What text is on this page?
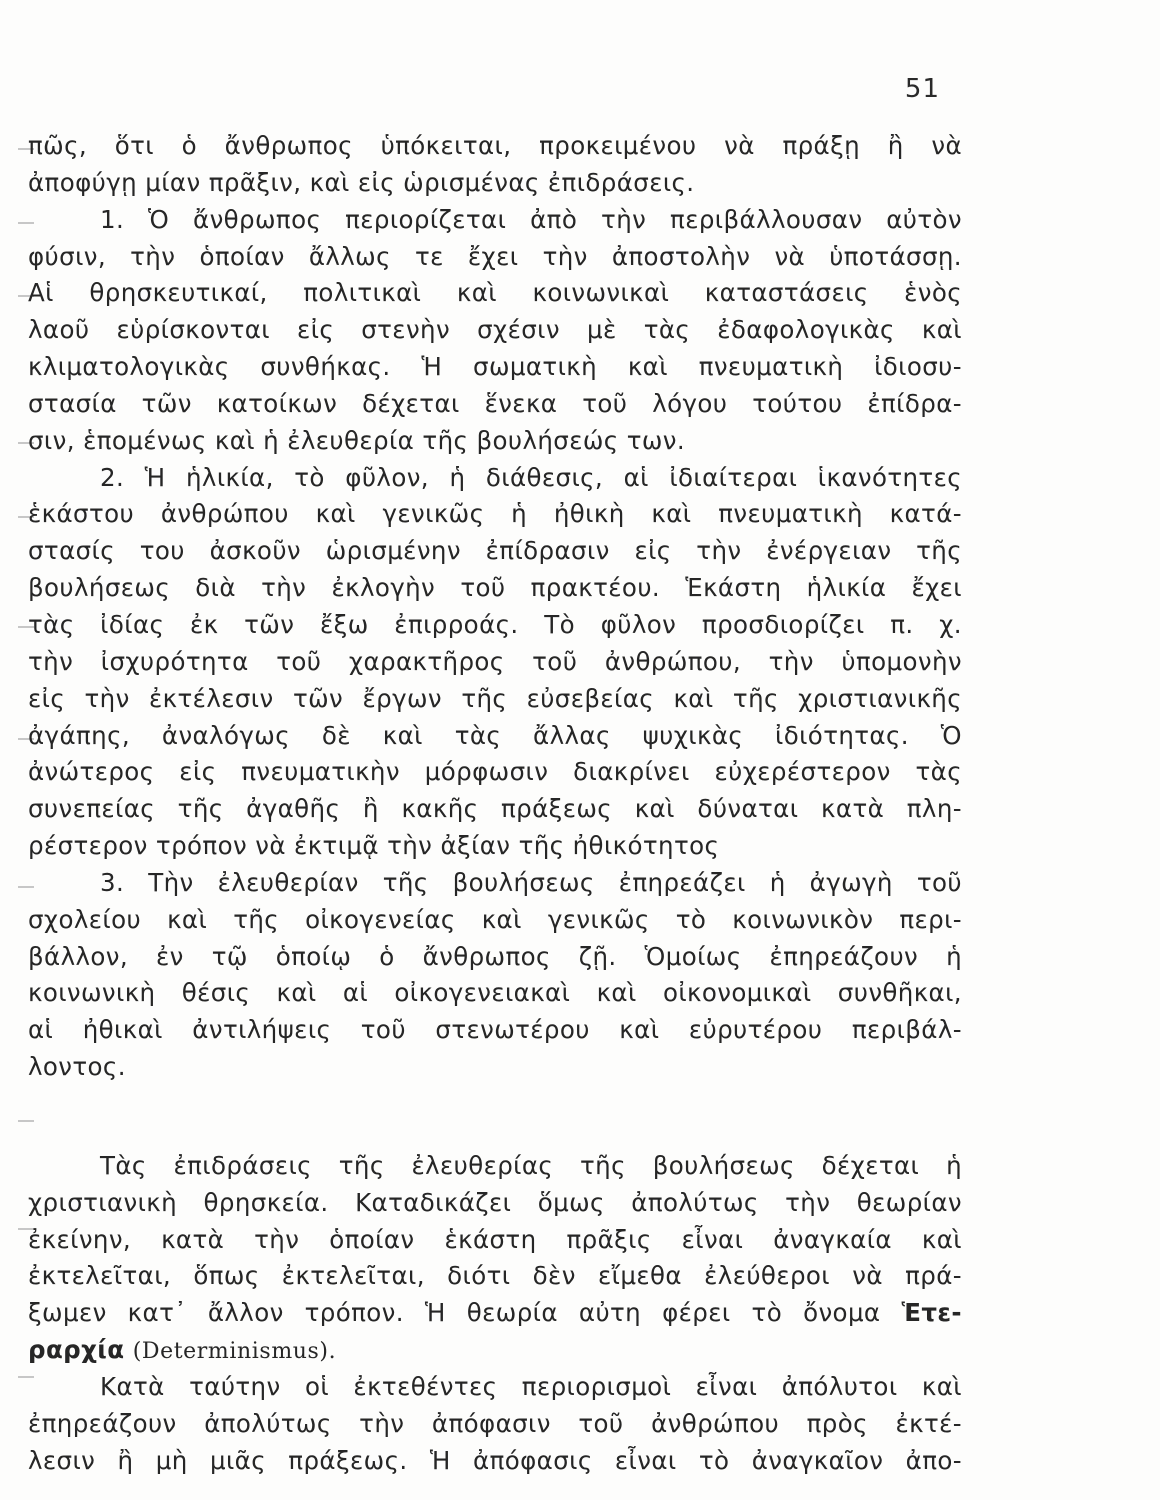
51
πῶς, ὅτι ὁ ἄνθρωπος ὑπόκειται, προκειμένου νὰ πράξῃ ἢ νὰ
ἀποφύγῃ μίαν πρᾶξιν, καὶ εἰς ὡρισμένας ἐπιδράσεις.
1. Ὁ ἄνθρωπος περιορίζεται ἀπὸ τὴν περιβάλλουσαν αὐτὸν
φύσιν, τὴν ὁποίαν ἄλλως τε ἔχει τὴν ἀποστολὴν νὰ ὑποτάσσῃ.
Αἱ θρησκευτικαί, πολιτικαὶ καὶ κοινωνικαὶ καταστάσεις ἑνὸς
λαοῦ εὑρίσκονται εἰς στενὴν σχέσιν μὲ τὰς ἐδαφολογικὰς καὶ
κλιματολογικὰς συνθήκας. Ἡ σωματικὴ καὶ πνευματικὴ ἰδιοσυ-
στασία τῶν κατοίκων δέχεται ἕνεκα τοῦ λόγου τούτου ἐπίδρα-
σιν, ἑπομένως καὶ ἡ ἐλευθερία τῆς βουλήσεώς των.
2. Ἡ ἡλικία, τὸ φῦλον, ἡ διάθεσις, αἱ ἰδιαίτεραι ἱκανότητες
ἑκάστου ἀνθρώπου καὶ γενικῶς ἡ ἠθικὴ καὶ πνευματικὴ κατά-
στασίς του ἀσκοῦν ὡρισμένην ἐπίδρασιν εἰς τὴν ἐνέργειαν τῆς
βουλήσεως διὰ τὴν ἐκλογὴν τοῦ πρακτέου. Ἑκάστη ἡλικία ἔχει
τὰς ἰδίας ἐκ τῶν ἔξω ἐπιρροάς. Τὸ φῦλον προσδιορίζει π. χ.
τὴν ἰσχυρότητα τοῦ χαρακτῆρος τοῦ ἀνθρώπου, τὴν ὑπομονὴν
εἰς τὴν ἐκτέλεσιν τῶν ἔργων τῆς εὐσεβείας καὶ τῆς χριστιανικῆς
ἀγάπης, ἀναλόγως δὲ καὶ τὰς ἄλλας ψυχικὰς ἰδιότητας. Ὁ
ἀνώτερος εἰς πνευματικὴν μόρφωσιν διακρίνει εὐχερέστερον τὰς
συνεπείας τῆς ἀγαθῆς ἢ κακῆς πράξεως καὶ δύναται κατὰ πλη-
ρέστερον τρόπον νὰ ἐκτιμᾷ τὴν ἀξίαν τῆς ἠθικότητος
3. Τὴν ἐλευθερίαν τῆς βουλήσεως ἐπηρεάζει ἡ ἀγωγὴ τοῦ
σχολείου καὶ τῆς οἰκογενείας καὶ γενικῶς τὸ κοινωνικὸν περι-
βάλλον, ἐν τῷ ὁποίῳ ὁ ἄνθρωπος ζῇ. Ὁμοίως ἐπηρεάζουν ἡ
κοινωνικὴ θέσις καὶ αἱ οἰκογενειακαὶ καὶ οἰκονομικαὶ συνθῆκαι,
αἱ ἠθικαὶ ἀντιλήψεις τοῦ στενωτέρου καὶ εὐρυτέρου περιβάλ-
λοντος.
Τὰς ἐπιδράσεις τῆς ἐλευθερίας τῆς βουλήσεως δέχεται ἡ
χριστιανικὴ θρησκεία. Καταδικάζει ὅμως ἀπολύτως τὴν θεωρίαν
ἐκείνην, κατὰ τὴν ὁποίαν ἑκάστη πρᾶξις εἶναι ἀναγκαία καὶ
ἐκτελεῖται, ὅπως ἐκτελεῖται, διότι δὲν εἴμεθα ἐλεύθεροι νὰ πρά-
ξωμεν κατ᾿ ἄλλον τρόπον. Ἡ θεωρία αὐτη φέρει τὸ ὄνομα Ἑτε-
ραρχία (Determinismus).
Κατὰ ταύτην οἱ ἐκτεθέντες περιορισμοὶ εἶναι ἀπόλυτοι καὶ
ἐπηρεάζουν ἀπολύτως τὴν ἀπόφασιν τοῦ ἀνθρώπου πρὸς ἐκτέ-
λεσιν ἢ μὴ μιᾶς πράξεως. Ἡ ἀπόφασις εἶναι τὸ ἀναγκαῖον ἀπο-
